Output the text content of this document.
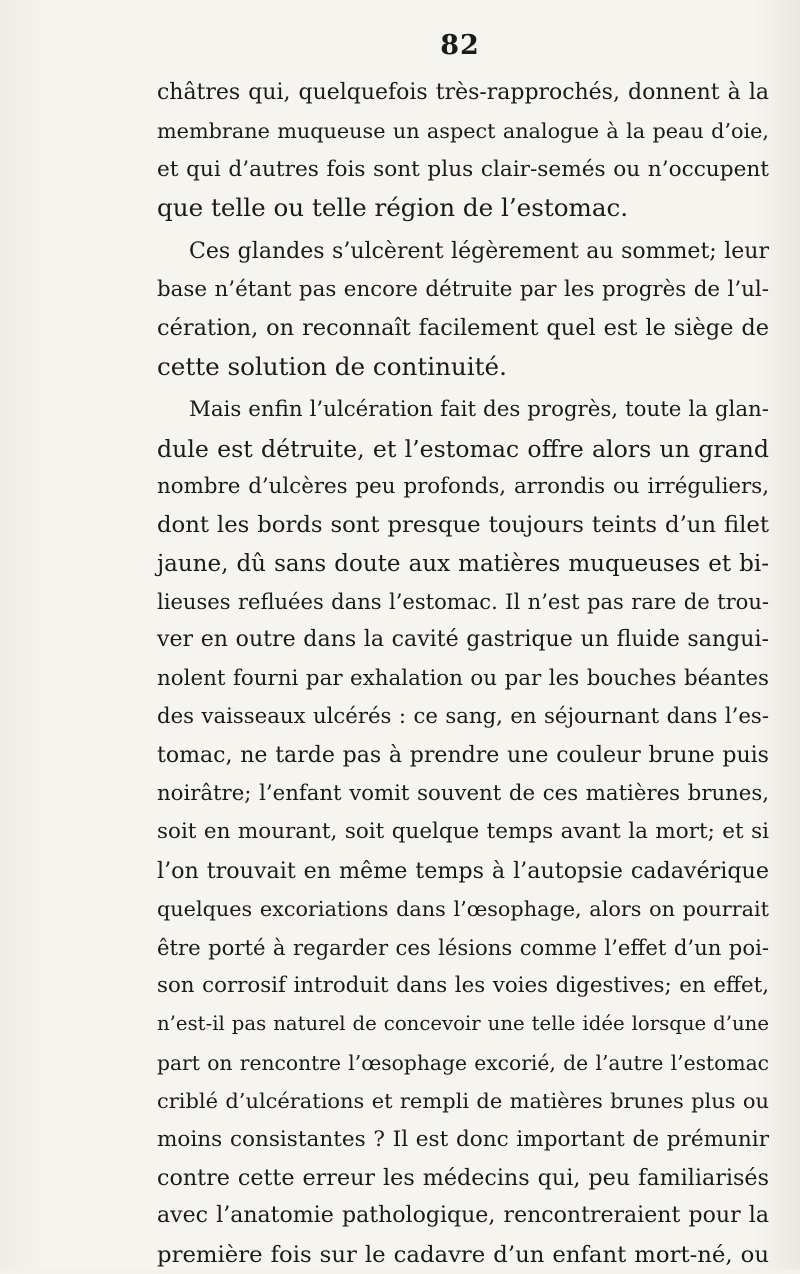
82
châtres qui, quelquefois très-rapprochés, donnent à la
membrane muqueuse un aspect analogue à la peau d’oie,
et qui d’autres fois sont plus clair-semés ou n’occupent
que telle ou telle région de l’estomac.
Ces glandes s’ulcèrent légèrement au sommet; leur
base n’étant pas encore détruite par les progrès de l’ul-
cération, on reconnaît facilement quel est le siège de
cette solution de continuité.
Mais enfin l’ulcération fait des progrès, toute la glan-
dule est détruite, et l’estomac offre alors un grand
nombre d’ulcères peu profonds, arrondis ou irréguliers,
dont les bords sont presque toujours teints d’un filet
jaune, dû sans doute aux matières muqueuses et bi-
lieuses refluées dans l’estomac. Il n’est pas rare de trou-
ver en outre dans la cavité gastrique un fluide sangui-
nolent fourni par exhalation ou par les bouches béantes
des vaisseaux ulcérés : ce sang, en séjournant dans l’es-
tomac, ne tarde pas à prendre une couleur brune puis
noirâtre; l’enfant vomit souvent de ces matières brunes,
soit en mourant, soit quelque temps avant la mort; et si
l’on trouvait en même temps à l’autopsie cadavérique
quelques excoriations dans l’œsophage, alors on pourrait
être porté à regarder ces lésions comme l’effet d’un poi-
son corrosif introduit dans les voies digestives; en effet,
n’est-il pas naturel de concevoir une telle idée lorsque d’une
part on rencontre l’œsophage excorié, de l’autre l’estomac
criblé d’ulcérations et rempli de matières brunes plus ou
moins consistantes ? Il est donc important de prémunir
contre cette erreur les médecins qui, peu familiarisés
avec l’anatomie pathologique, rencontreraient pour la
première fois sur le cadavre d’un enfant mort-né, ou
